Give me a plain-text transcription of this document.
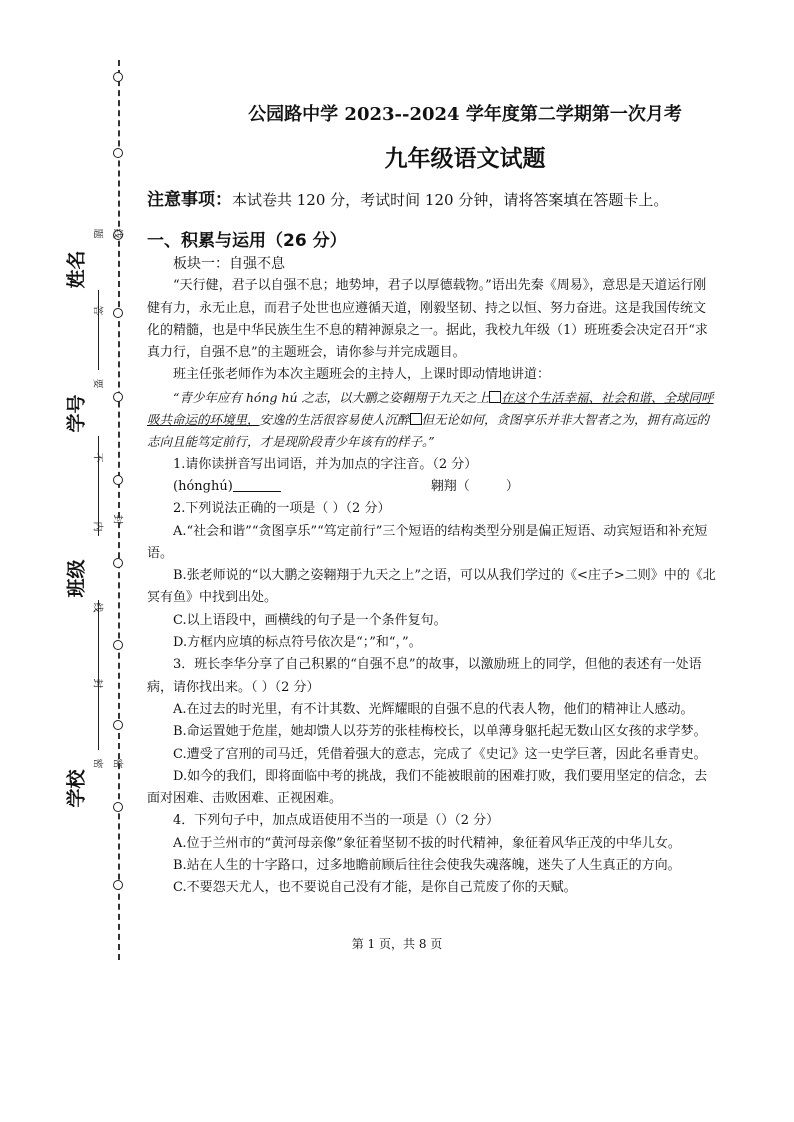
题 线
答
要
不
封
内
线
封
密 密
姓名
学号
班级
学校
公园路中学 2023--2024 学年度第二学期第一次月考
九年级语文试题
注意事项：本试卷共 120 分，考试时间 120 分钟，请将答案填在答题卡上。
一、积累与运用（26 分）

板块一：自强不息

“天行健，君子以自强不息；地势坤，君子以厚德载物。”语出先秦《周易》，意思是天道运行刚健有力，永无止息，而君子处世也应遵循天道，刚毅坚韧、持之以恒、努力奋进。这是我国传统文化的精髓，也是中华民族生生不息的精神源泉之一。据此，我校九年级（1）班班委会决定召开“求真力行，自强不息”的主题班会，请你参与并完成题目。

班主任张老师作为本次主题班会的主持人，上课时即动情地讲道：

“青少年应有 hóng hú 之志，以大鹏之姿翱翔于九天之上 在这个生活幸福、社会和谐、全球同呼吸共命运的环境里，安逸的生活很容易使人沉醉 但无论如何，贪图享乐并非大智者之为，拥有高远的志向且能笃定前行，才是现阶段青少年该有的样子。”

1.请你读拼音写出词语，并为加点的字注音。（2 分）

(hónghú)	翱翔（	）

2.下列说法正确的一项是（ ）（2 分）

A.“社会和谐”“贪图享乐”“笃定前行”三个短语的结构类型分别是偏正短语、动宾短语和补充短语。

B.张老师说的“以大鹏之姿翱翔于九天之上”之语，可以从我们学过的《<庄子>二则》中的《北冥有鱼》中找到出处。

C.以上语段中，画横线的句子是一个条件复句。

D.方框内应填的标点符号依次是“；”和“，”。

3．班长李华分享了自己积累的“自强不息”的故事，以激励班上的同学，但他的表述有一处语病，请你找出来。（ ）（2 分）

A.在过去的时光里，有不计其数、光辉耀眼的自强不息的代表人物，他们的精神让人感动。

B.命运置她于危崖，她却馈人以芬芳的张桂梅校长，以单薄身躯托起无数山区女孩的求学梦。

C.遭受了宫刑的司马迁，凭借着强大的意志，完成了《史记》这一史学巨著，因此名垂青史。

D.如今的我们，即将面临中考的挑战，我们不能被眼前的困难打败，我们要用坚定的信念，去面对困难、击败困难、正视困难。

4．下列句子中，加点成语使用不当的一项是（）（2 分）

A.位于兰州市的“黄河母亲像”象征着坚韧不拔的时代精神，象征着风华正茂的中华儿女。

B.站在人生的十字路口，过多地瞻前顾后往往会使我失魂落魄，迷失了人生真正的方向。

C.不要怨天尤人，也不要说自己没有才能，是你自己荒废了你的天赋。

第 1 页，共 8 页
